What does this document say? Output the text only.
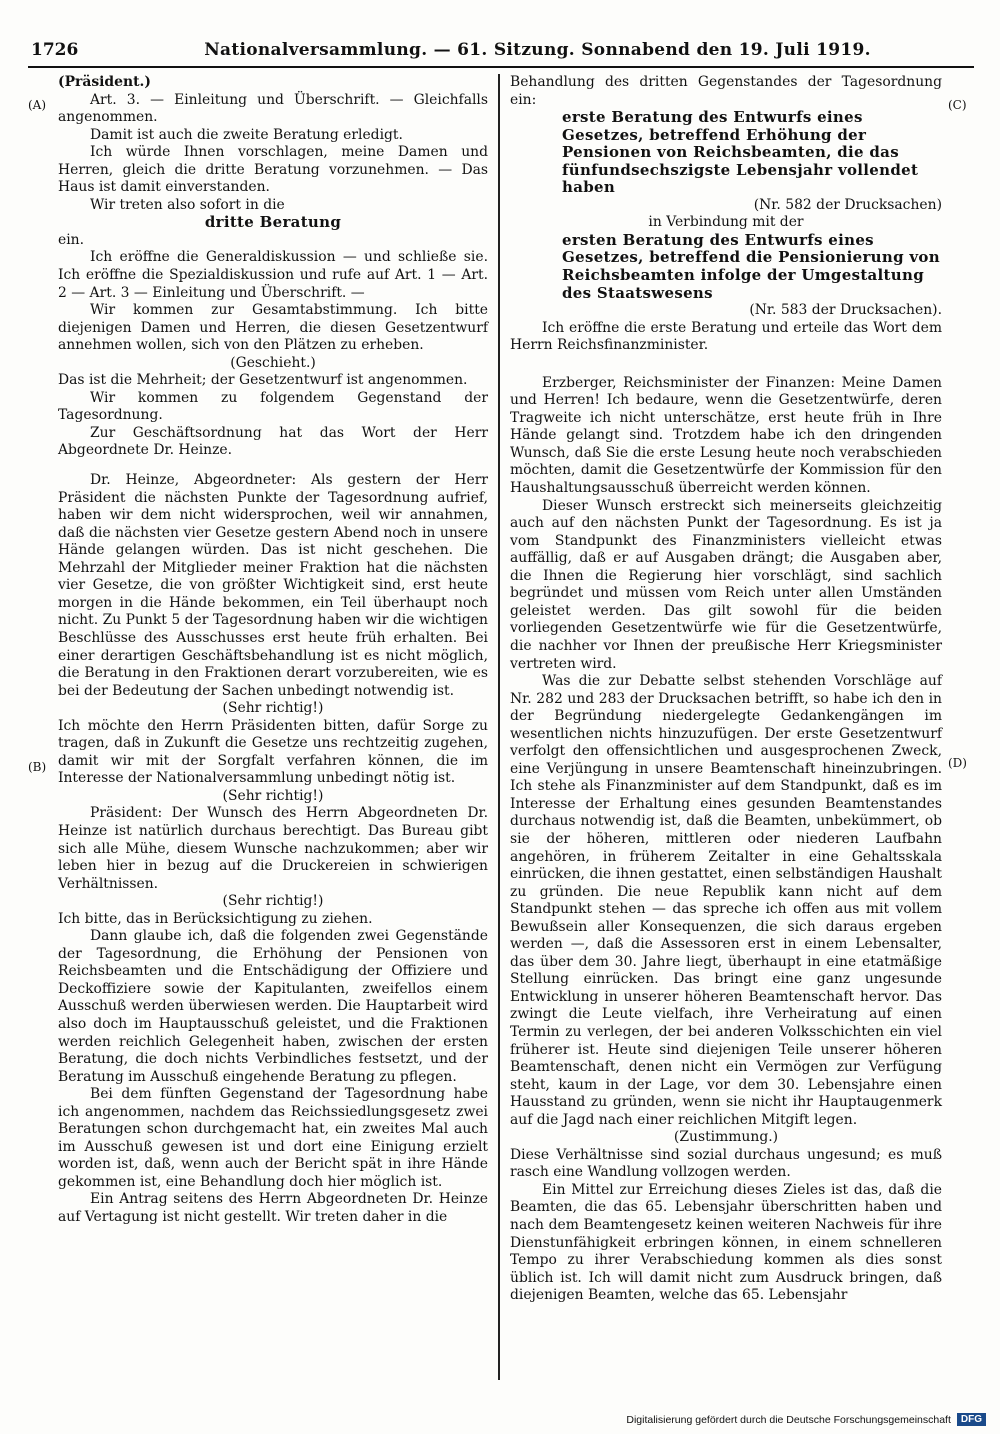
1726	Nationalversammlung. — 61. Sitzung. Sonnabend den 19. Juli 1919.
(A)
(B)
(C)
(D)

(Präsident.)

Art. 3. — Einleitung und Überschrift. — Gleichfalls angenommen.

Damit ist auch die zweite Beratung erledigt.

Ich würde Ihnen vorschlagen, meine Damen und Herren, gleich die dritte Beratung vorzunehmen. — Das Haus ist damit einverstanden.

Wir treten also sofort in die

dritte Beratung

ein.

Ich eröffne die Generaldiskussion — und schließe sie. Ich eröffne die Spezialdiskussion und rufe auf Art. 1 — Art. 2 — Art. 3 — Einleitung und Überschrift. —

Wir kommen zur Gesamtabstimmung. Ich bitte diejenigen Damen und Herren, die diesen Gesetzentwurf annehmen wollen, sich von den Plätzen zu erheben.

(Geschieht.)

Das ist die Mehrheit; der Gesetzentwurf ist angenommen.

Wir kommen zu folgendem Gegenstand der Tagesordnung.

Zur Geschäftsordnung hat das Wort der Herr Abgeordnete Dr. Heinze.

Dr. Heinze, Abgeordneter: Als gestern der Herr Präsident die nächsten Punkte der Tagesordnung aufrief, haben wir dem nicht widersprochen, weil wir annahmen, daß die nächsten vier Gesetze gestern Abend noch in unsere Hände gelangen würden. Das ist nicht geschehen. Die Mehrzahl der Mitglieder meiner Fraktion hat die nächsten vier Gesetze, die von größter Wichtigkeit sind, erst heute morgen in die Hände bekommen, ein Teil überhaupt noch nicht. Zu Punkt 5 der Tagesordnung haben wir die wichtigen Beschlüsse des Ausschusses erst heute früh erhalten. Bei einer derartigen Geschäftsbehandlung ist es nicht möglich, die Beratung in den Fraktionen derart vorzubereiten, wie es bei der Bedeutung der Sachen unbedingt notwendig ist.

(Sehr richtig!)

Ich möchte den Herrn Präsidenten bitten, dafür Sorge zu tragen, daß in Zukunft die Gesetze uns rechtzeitig zugehen, damit wir mit der Sorgfalt verfahren können, die im Interesse der Nationalversammlung unbedingt nötig ist.

(Sehr richtig!)

Präsident: Der Wunsch des Herrn Abgeordneten Dr. Heinze ist natürlich durchaus berechtigt. Das Bureau gibt sich alle Mühe, diesem Wunsche nachzukommen; aber wir leben hier in bezug auf die Druckereien in schwierigen Verhältnissen.

(Sehr richtig!)

Ich bitte, das in Berücksichtigung zu ziehen.

Dann glaube ich, daß die folgenden zwei Gegenstände der Tagesordnung, die Erhöhung der Pensionen von Reichsbeamten und die Entschädigung der Offiziere und Deckoffiziere sowie der Kapitulanten, zweifellos einem Ausschuß werden überwiesen werden. Die Hauptarbeit wird also doch im Hauptausschuß geleistet, und die Fraktionen werden reichlich Gelegenheit haben, zwischen der ersten Beratung, die doch nichts Verbindliches festsetzt, und der Beratung im Ausschuß eingehende Beratung zu pflegen.

Bei dem fünften Gegenstand der Tagesordnung habe ich angenommen, nachdem das Reichssiedlungsgesetz zwei Beratungen schon durchgemacht hat, ein zweites Mal auch im Ausschuß gewesen ist und dort eine Einigung erzielt worden ist, daß, wenn auch der Bericht spät in ihre Hände gekommen ist, eine Behandlung doch hier möglich ist.

Ein Antrag seitens des Herrn Abgeordneten Dr. Heinze auf Vertagung ist nicht gestellt. Wir treten daher in die

Behandlung des dritten Gegenstandes der Tagesordnung ein:

erste Beratung des Entwurfs eines Gesetzes, betreffend Erhöhung der Pensionen von Reichsbeamten, die das fünfundsechszigste Lebensjahr vollendet haben

(Nr. 582 der Drucksachen)

in Verbindung mit der

ersten Beratung des Entwurfs eines Gesetzes, betreffend die Pensionierung von Reichsbeamten infolge der Umgestaltung des Staatswesens

(Nr. 583 der Drucksachen).

Ich eröffne die erste Beratung und erteile das Wort dem Herrn Reichsfinanzminister.

Erzberger, Reichsminister der Finanzen: Meine Damen und Herren! Ich bedaure, wenn die Gesetzentwürfe, deren Tragweite ich nicht unterschätze, erst heute früh in Ihre Hände gelangt sind. Trotzdem habe ich den dringenden Wunsch, daß Sie die erste Lesung heute noch verabschieden möchten, damit die Gesetzentwürfe der Kommission für den Haushaltungsausschuß überreicht werden können.

Dieser Wunsch erstreckt sich meinerseits gleichzeitig auch auf den nächsten Punkt der Tagesordnung. Es ist ja vom Standpunkt des Finanzministers vielleicht etwas auffällig, daß er auf Ausgaben drängt; die Ausgaben aber, die Ihnen die Regierung hier vorschlägt, sind sachlich begründet und müssen vom Reich unter allen Umständen geleistet werden. Das gilt sowohl für die beiden vorliegenden Gesetzentwürfe wie für die Gesetzentwürfe, die nachher vor Ihnen der preußische Herr Kriegsminister vertreten wird.

Was die zur Debatte selbst stehenden Vorschläge auf Nr. 282 und 283 der Drucksachen betrifft, so habe ich den in der Begründung niedergelegte Gedankengängen im wesentlichen nichts hinzuzufügen. Der erste Gesetzentwurf verfolgt den offensichtlichen und ausgesprochenen Zweck, eine Verjüngung in unsere Beamtenschaft hineinzubringen. Ich stehe als Finanzminister auf dem Standpunkt, daß es im Interesse der Erhaltung eines gesunden Beamtenstandes durchaus notwendig ist, daß die Beamten, unbekümmert, ob sie der höheren, mittleren oder niederen Laufbahn angehören, in früherem Zeitalter in eine Gehaltsskala einrücken, die ihnen gestattet, einen selbständigen Haushalt zu gründen. Die neue Republik kann nicht auf dem Standpunkt stehen — das spreche ich offen aus mit vollem Bewußsein aller Konsequenzen, die sich daraus ergeben werden —, daß die Assessoren erst in einem Lebensalter, das über dem 30. Jahre liegt, überhaupt in eine etatmäßige Stellung einrücken. Das bringt eine ganz ungesunde Entwicklung in unserer höheren Beamtenschaft hervor. Das zwingt die Leute vielfach, ihre Verheiratung auf einen Termin zu verlegen, der bei anderen Volksschichten ein viel früherer ist. Heute sind diejenigen Teile unserer höheren Beamtenschaft, denen nicht ein Vermögen zur Verfügung steht, kaum in der Lage, vor dem 30. Lebensjahre einen Hausstand zu gründen, wenn sie nicht ihr Hauptaugenmerk auf die Jagd nach einer reichlichen Mitgift legen.

(Zustimmung.)

Diese Verhältnisse sind sozial durchaus ungesund; es muß rasch eine Wandlung vollzogen werden.

Ein Mittel zur Erreichung dieses Zieles ist das, daß die Beamten, die das 65. Lebensjahr überschritten haben und nach dem Beamtengesetz keinen weiteren Nachweis für ihre Dienstunfähigkeit erbringen können, in einem schnelleren Tempo zu ihrer Verabschiedung kommen als dies sonst üblich ist. Ich will damit nicht zum Ausdruck bringen, daß diejenigen Beamten, welche das 65. Lebensjahr

Digitalisierung gefördert durch die Deutsche Forschungsgemeinschaft	DFG
